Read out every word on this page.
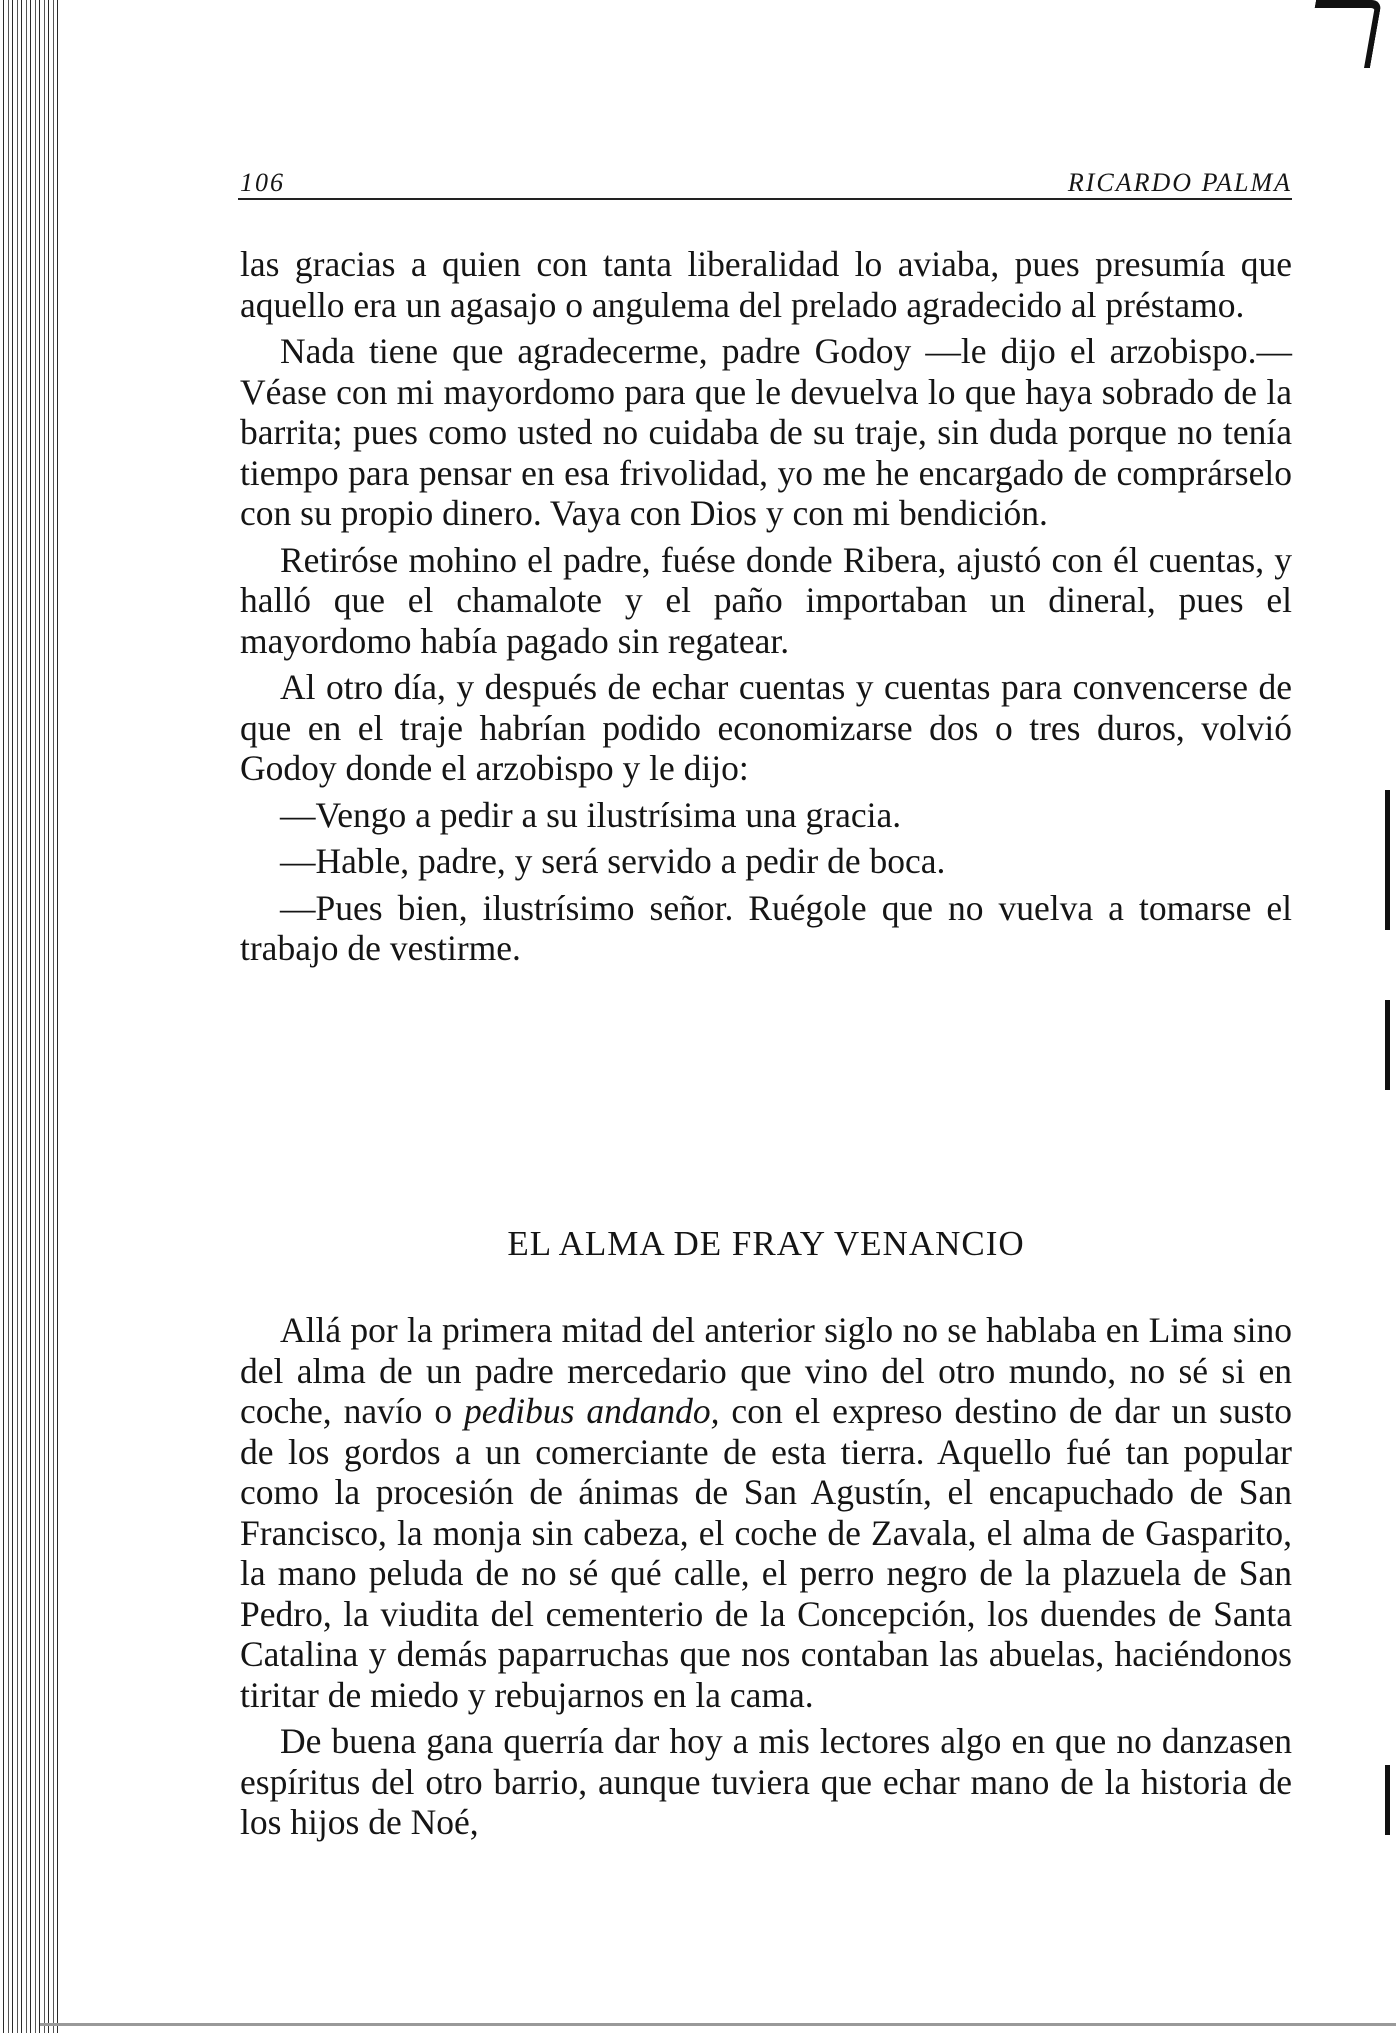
106	RICARDO PALMA

las gracias a quien con tanta liberalidad lo aviaba, pues presumía que aquello era un agasajo o angulema del prelado agradecido al préstamo.

Nada tiene que agradecerme, padre Godoy —le dijo el arzobispo.— Véase con mi mayordomo para que le devuelva lo que haya sobrado de la barrita; pues como usted no cuidaba de su traje, sin duda porque no tenía tiempo para pensar en esa frivolidad, yo me he encargado de comprárselo con su propio dinero. Vaya con Dios y con mi bendición.

Retiróse mohino el padre, fuése donde Ribera, ajustó con él cuentas, y halló que el chamalote y el paño importaban un dineral, pues el mayordomo había pagado sin regatear.

Al otro día, y después de echar cuentas y cuentas para convencerse de que en el traje habrían podido economizarse dos o tres duros, volvió Godoy donde el arzobispo y le dijo:

—Vengo a pedir a su ilustrísima una gracia.

—Hable, padre, y será servido a pedir de boca.

—Pues bien, ilustrísimo señor. Ruégole que no vuelva a tomarse el trabajo de vestirme.

EL ALMA DE FRAY VENANCIO

Allá por la primera mitad del anterior siglo no se hablaba en Lima sino del alma de un padre mercedario que vino del otro mundo, no sé si en coche, navío o pedibus andando, con el expreso destino de dar un susto de los gordos a un comerciante de esta tierra. Aquello fué tan popular como la procesión de ánimas de San Agustín, el encapuchado de San Francisco, la monja sin cabeza, el coche de Zavala, el alma de Gasparito, la mano peluda de no sé qué calle, el perro negro de la plazuela de San Pedro, la viudita del cementerio de la Concepción, los duendes de Santa Catalina y demás paparruchas que nos contaban las abuelas, haciéndonos tiritar de miedo y rebujarnos en la cama.

De buena gana querría dar hoy a mis lectores algo en que no danzasen espíritus del otro barrio, aunque tuviera que echar mano de la historia de los hijos de Noé,
